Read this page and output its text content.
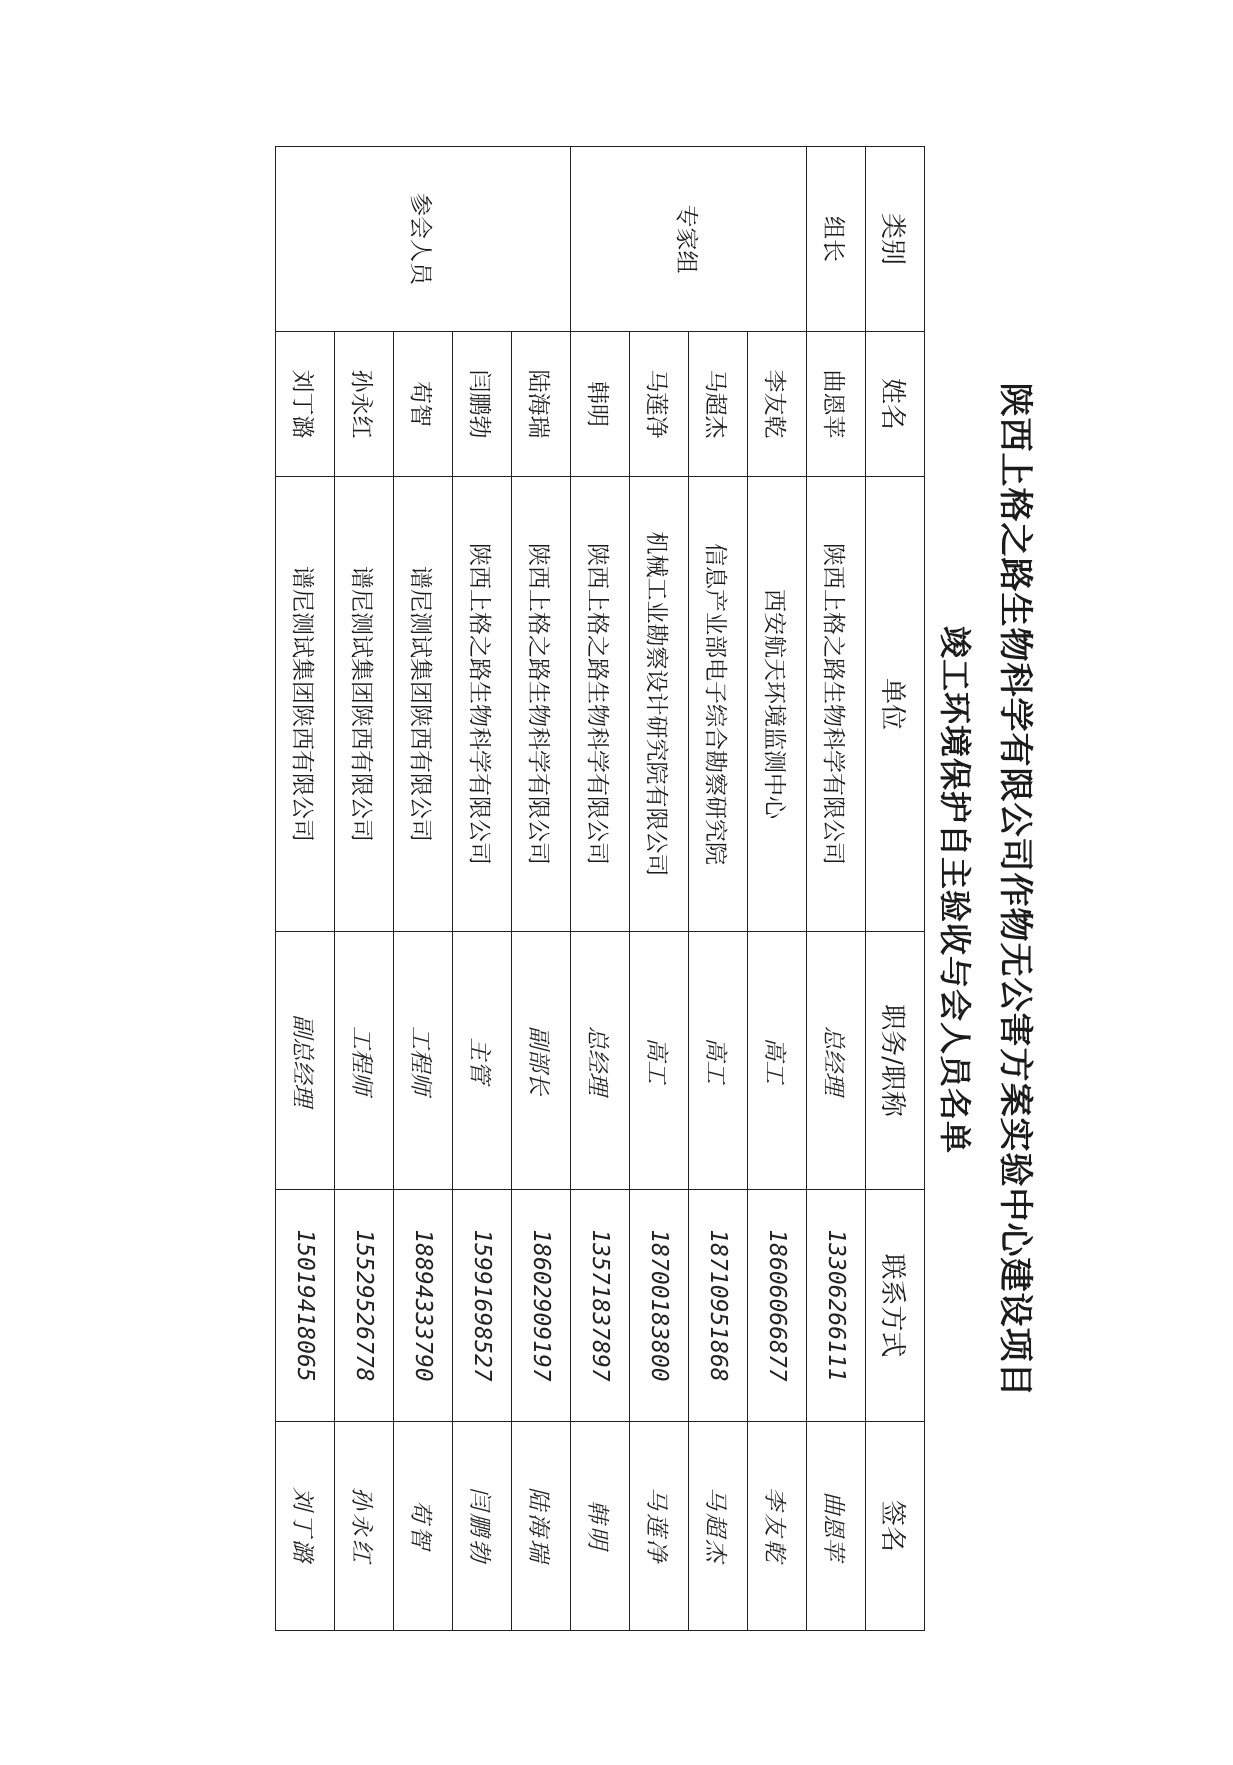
陕西上格之路生物科学有限公司作物无公害方案实验中心建设项目
竣工环境保护自主验收与会人员名单
类别	姓名	单位	职务/职称	联系方式	签名
组长	曲恩苹	陕西上格之路生物科学有限公司	总经理	13306266111	曲恩苹
专家组	李友乾	西安航天环境监测中心	高工	18606066877	李友乾
	马超杰	信息产业部电子综合勘察研究院	高工	18710951868	马超杰
	马莲净	机械工业勘察设计研究院有限公司	高工	18700183800	马莲净
	韩明	陕西上格之路生物科学有限公司	总经理	13571837897	韩明
参会人员	陆海瑞	陕西上格之路生物科学有限公司	副部长	18602909197	陆海瑞
	闫鹏勃	陕西上格之路生物科学有限公司	主管	15991698527	闫鹏勃
	苟智	谱尼测试集团陕西有限公司	工程师	18894333790	苟智
	孙永红	谱尼测试集团陕西有限公司	工程师	15529526778	孙永红
	刘丁潞	谱尼测试集团陕西有限公司	副总经理	15019418065	刘丁潞
